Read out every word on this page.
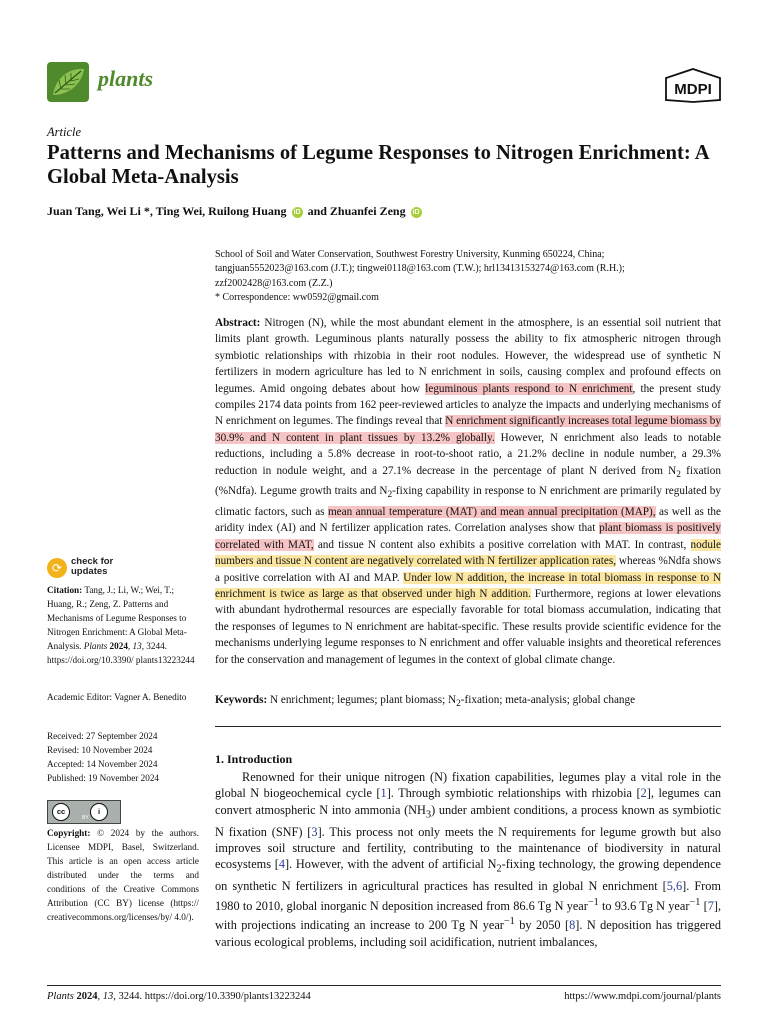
plants	MDPI
Article
Patterns and Mechanisms of Legume Responses to Nitrogen Enrichment: A Global Meta-Analysis
Juan Tang, Wei Li *, Ting Wei, Ruilong Huang iD and Zhuanfei Zeng iD

School of Soil and Water Conservation, Southwest Forestry University, Kunming 650224, China;

tangjuan5552023@163.com (J.T.); tingwei0118@163.com (T.W.); hrl13413153274@163.com (R.H.);

zzf2002428@163.com (Z.Z.)

* Correspondence: ww0592@gmail.com

Abstract: Nitrogen (N), while the most abundant element in the atmosphere, is an essential soil nutrient that limits plant growth. Leguminous plants naturally possess the ability to fix atmospheric nitrogen through symbiotic relationships with rhizobia in their root nodules. However, the widespread use of synthetic N fertilizers in modern agriculture has led to N enrichment in soils, causing complex and profound effects on legumes. Amid ongoing debates about how leguminous plants respond to N enrichment, the present study compiles 2174 data points from 162 peer-reviewed articles to analyze the impacts and underlying mechanisms of N enrichment on legumes. The findings reveal that N enrichment significantly increases total legume biomass by 30.9% and N content in plant tissues by 13.2% globally. However, N enrichment also leads to notable reductions, including a 5.8% decrease in root-to-shoot ratio, a 21.2% decline in nodule number, a 29.3% reduction in nodule weight, and a 27.1% decrease in the percentage of plant N derived from $N_2$ fixation (%Ndfa). Legume growth traits and $N_2$-fixing capability in response to N enrichment are primarily regulated by climatic factors, such as mean annual temperature (MAT) and mean annual precipitation (MAP), as well as the aridity index (AI) and N fertilizer application rates. Correlation analyses show that plant biomass is positively correlated with MAT, and tissue N content also exhibits a positive correlation with MAT. In contrast, nodule numbers and tissue N content are negatively correlated with N fertilizer application rates, whereas %Ndfa shows a positive correlation with AI and MAP. Under low N addition, the increase in total biomass in response to N enrichment is twice as large as that observed under high N addition. Furthermore, regions at lower elevations with abundant hydrothermal resources are especially favorable for total biomass accumulation, indicating that the responses of legumes to N enrichment are habitat-specific. These results provide scientific evidence for the mechanisms underlying legume responses to N enrichment and offer valuable insights and theoretical references for the conservation and management of legumes in the context of global climate change.

Keywords: N enrichment; legumes; plant biomass; $N_2$-fixation; meta-analysis; global change
1. Introduction

Renowned for their unique nitrogen (N) fixation capabilities, legumes play a vital role in the global N biogeochemical cycle [1]. Through symbiotic relationships with rhizobia [2], legumes can convert atmospheric N into ammonia $(NH_3)$ under ambient conditions, a process known as symbiotic N fixation (SNF) [3]. This process not only meets the N requirements for legume growth but also improves soil structure and fertility, contributing to the maintenance of biodiversity in natural ecosystems [4]. However, with the advent of artificial $N_2$-fixing technology, the growing dependence on synthetic N fertilizers in agricultural practices has resulted in global N enrichment [5,6]. From 1980 to 2010, global inorganic N deposition increased from 86.6 Tg N year$^{-1}$ to 93.6 Tg N year$^{-1}$ [7], with projections indicating an increase to 200 Tg N year$^{-1}$ by 2050 [8]. N deposition has triggered various ecological problems, including soil acidification, nutrient imbalances,

⟳ check for
updates

Citation: Tang, J.; Li, W.; Wei, T.; Huang, R.; Zeng, Z. Patterns and Mechanisms of Legume Responses to Nitrogen Enrichment: A Global Meta-Analysis. Plants 2024, 13, 3244. https://doi.org/10.3390/ plants13223244

Academic Editor: Vagner A. Benedito

Received: 27 September 2024

Revised: 10 November 2024

Accepted: 14 November 2024

Published: 19 November 2024

cc	i
BY

Copyright: © 2024 by the authors. Licensee MDPI, Basel, Switzerland. This article is an open access article distributed under the terms and conditions of the Creative Commons Attribution (CC BY) license (https:// creativecommons.org/licenses/by/ 4.0/).

Plants 2024, 13, 3244. https://doi.org/10.3390/plants13223244	https://www.mdpi.com/journal/plants
